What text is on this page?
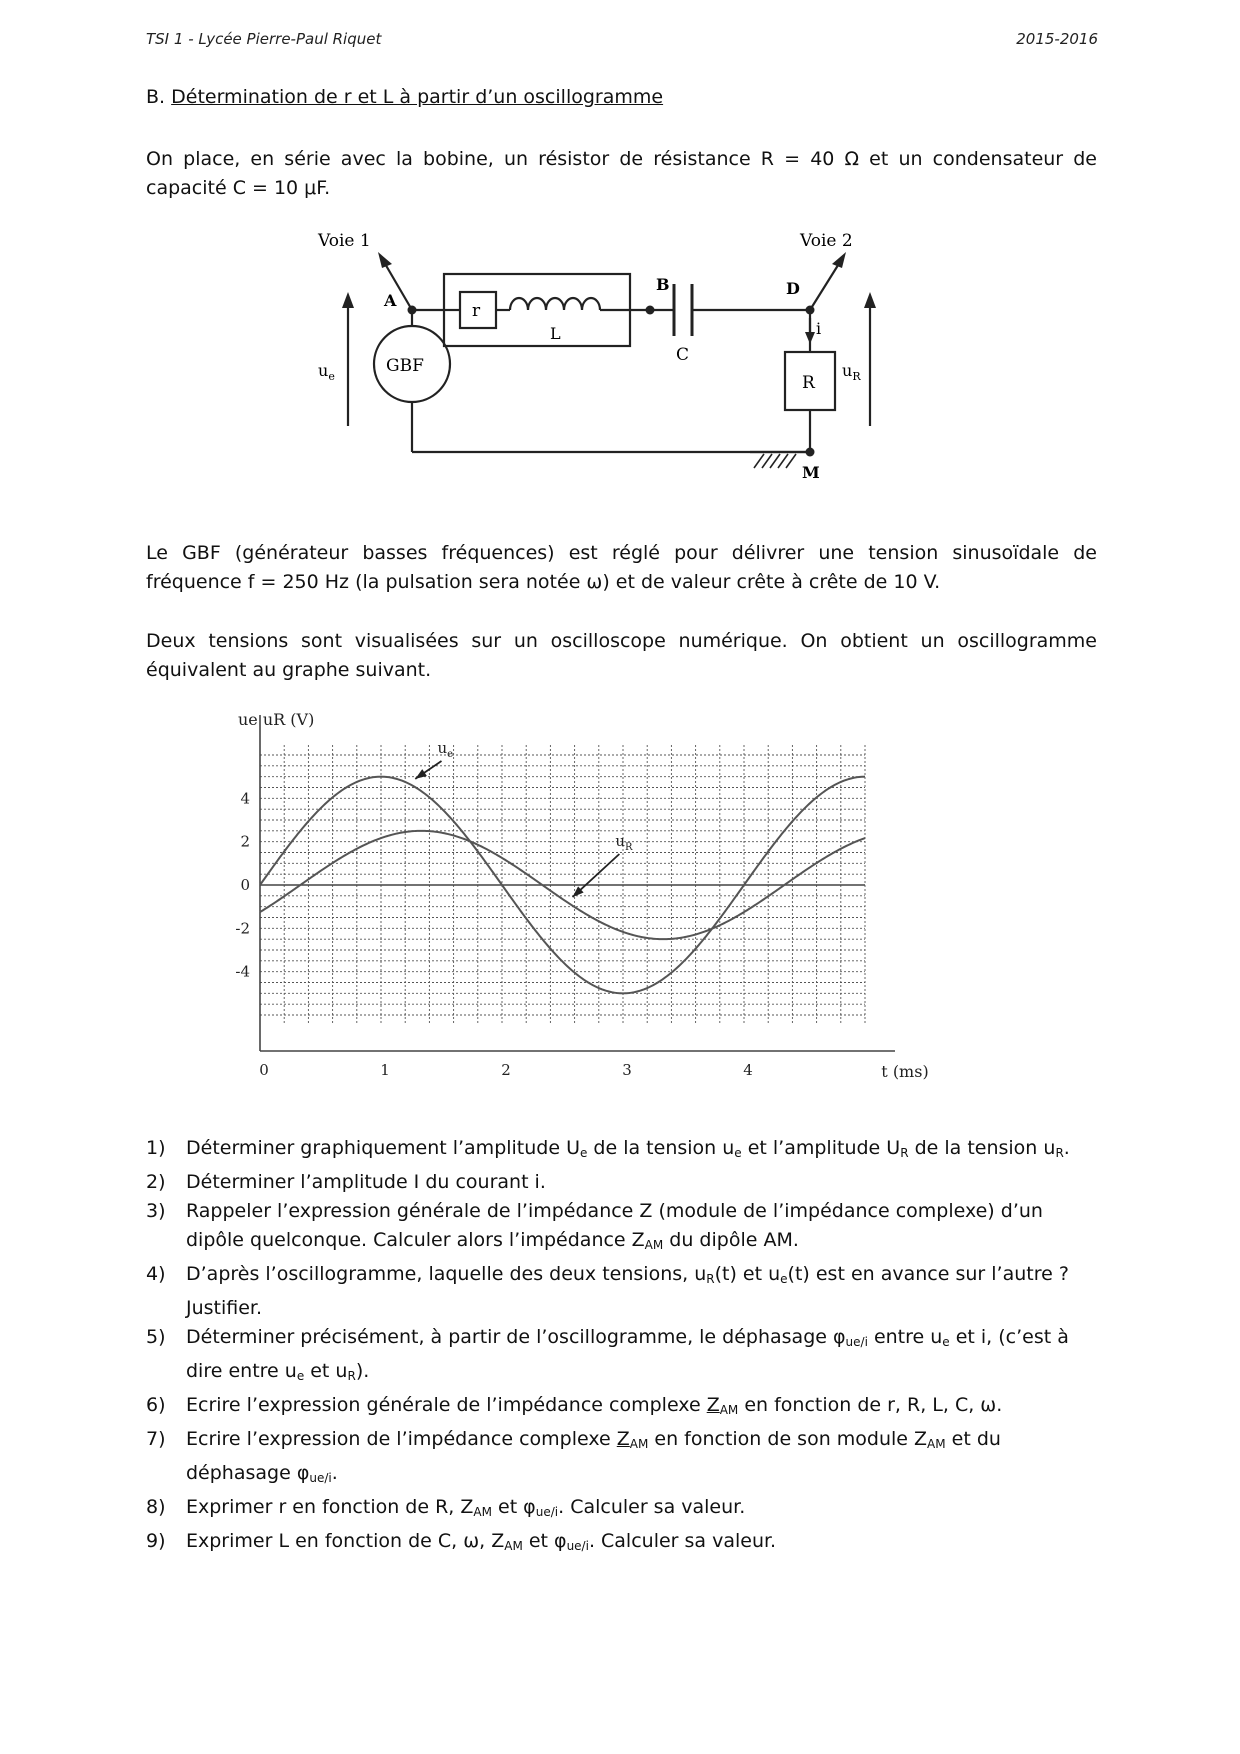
TSI 1 - Lycée Pierre-Paul Riquet	2015-2016
B. Détermination de r et L à partir d’un oscillogramme
On place, en série avec la bobine, un résistor de résistance R = 40 Ω et un condensateur de
capacité C = 10 μF.
Voie 1	Voie 2
A
B	D
M
r
L
C
R
GBF
i
$u_e$	$u_R$
Le GBF (générateur basses fréquences) est réglé pour délivrer une tension sinusoïdale de
fréquence f = 250 Hz (la pulsation sera notée ω) et de valeur crête à crête de 10 V.
Deux tensions sont visualisées sur un oscilloscope numérique. On obtient un oscillogramme
équivalent au graphe suivant.
ue uR (V)
4
2
0
-2
-4
0	1	2	3	4	t (ms)
$u_e$
$u_R$
1) Déterminer graphiquement l’amplitude $U_e$ de la tension $u_e$ et l’amplitude $U_R$ de la tension $u_R$.
2) Déterminer l’amplitude I du courant i.
3) Rappeler l’expression générale de l’impédance Z (module de l’impédance complexe) d’un dipôle quelconque. Calculer alors l’impédance $Z_{AM}$ du dipôle AM.
4) D’après l’oscillogramme, laquelle des deux tensions, $u_R(t)$ et $u_e(t)$ est en avance sur l’autre ? Justifier.
5) Déterminer précisément, à partir de l’oscillogramme, le déphasage $\varphi_{ue/i}$ entre $u_e$ et i, (c’est à dire entre $u_e$ et $u_R$).
6) Ecrire l’expression générale de l’impédance complexe $Z_{AM}$ en fonction de r, R, L, C, ω.
7) Ecrire l’expression de l’impédance complexe $Z_{AM}$ en fonction de son module $Z_{AM}$ et du déphasage $\varphi_{ue/i}$.
8) Exprimer r en fonction de R, $Z_{AM}$ et $\varphi_{ue/i}$. Calculer sa valeur.
9) Exprimer L en fonction de C, ω, $Z_{AM}$ et $\varphi_{ue/i}$. Calculer sa valeur.
